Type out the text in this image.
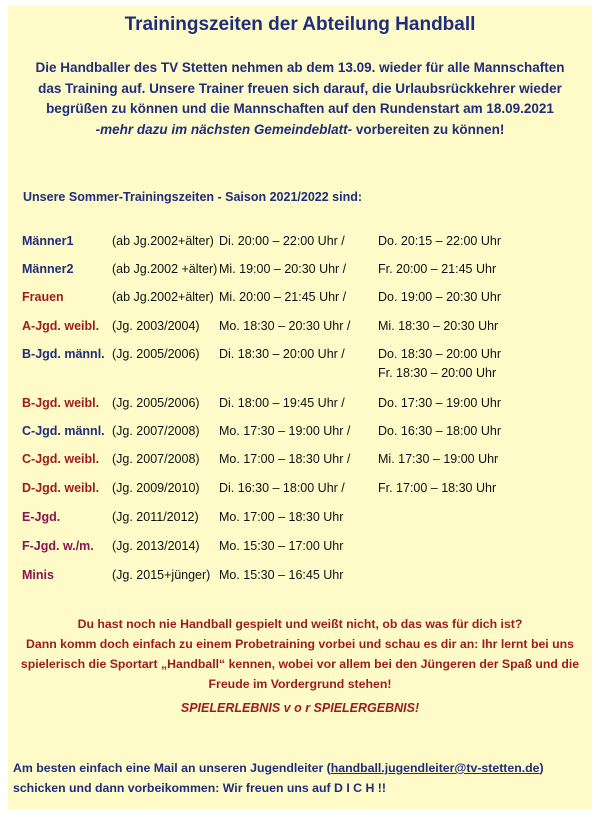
Trainingszeiten der Abteilung Handball
Die Handballer des TV Stetten nehmen ab dem 13.09. wieder für alle Mannschaften
das Training auf. Unsere Trainer freuen sich darauf, die Urlaubsrückkehrer wieder
begrüßen zu können und die Mannschaften auf den Rundenstart am 18.09.2021
-mehr dazu im nächsten Gemeindeblatt- vorbereiten zu können!
Unsere Sommer-Trainingszeiten - Saison 2021/2022 sind:
Männer1	(ab Jg.2002+älter) Di. 20:00 – 22:00 Uhr /	Do. 20:15 – 22:00 Uhr
Männer2	(ab Jg.2002 +älter) Mi. 19:00 – 20:30 Uhr /	Fr. 20:00 – 21:45 Uhr
Frauen	(ab Jg.2002+älter) Mi. 20:00 – 21:45 Uhr /	Do. 19:00 – 20:30 Uhr
A-Jgd. weibl. (Jg. 2003/2004) Mo. 18:30 – 20:30 Uhr / Mi. 18:30 – 20:30 Uhr
B-Jgd. männl. (Jg. 2005/2006) Di. 18:30 – 20:00 Uhr /	Do. 18:30 – 20:00 Uhr
Fr. 18:30 – 20:00 Uhr
B-Jgd. weibl. (Jg. 2005/2006) Di. 18:00 – 19:45 Uhr /	Do. 17:30 – 19:00 Uhr
C-Jgd. männl. (Jg. 2007/2008) Mo. 17:30 – 19:00 Uhr / Do. 16:30 – 18:00 Uhr
C-Jgd. weibl. (Jg. 2007/2008) Mo. 17:00 – 18:30 Uhr / Mi. 17:30 – 19:00 Uhr
D-Jgd. weibl. (Jg. 2009/2010) Di. 16:30 – 18:00 Uhr /	Fr. 17:00 – 18:30 Uhr
E-Jgd.	(Jg. 2011/2012) Mo. 17:00 – 18:30 Uhr
F-Jgd. w./m. (Jg. 2013/2014) Mo. 15:30 – 17:00 Uhr
Minis	(Jg. 2015+jünger) Mo. 15:30 – 16:45 Uhr
Du hast noch nie Handball gespielt und weißt nicht, ob das was für dich ist?
Dann komm doch einfach zu einem Probetraining vorbei und schau es dir an: Ihr lernt bei uns
spielerisch die Sportart „Handball“ kennen, wobei vor allem bei den Jüngeren der Spaß und die
Freude im Vordergrund stehen!
SPIELERLEBNIS v o r SPIELERGEBNIS!
Am besten einfach eine Mail an unseren Jugendleiter (handball.jugendleiter@tv-stetten.de)
schicken und dann vorbeikommen: Wir freuen uns auf D I C H !!
